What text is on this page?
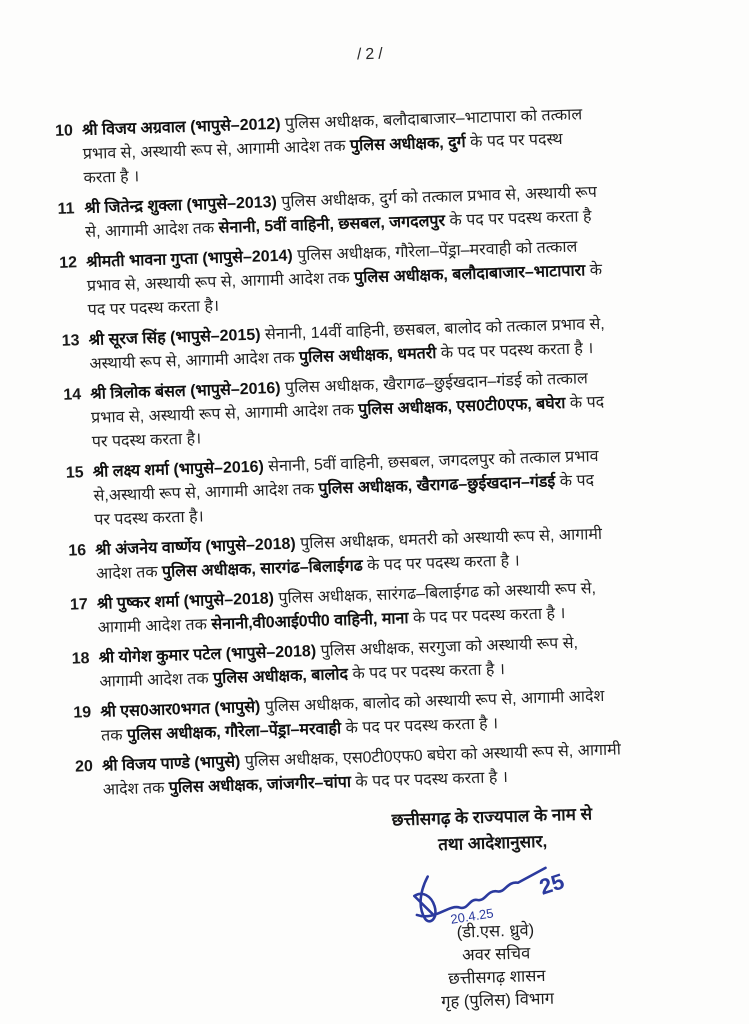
/2/
10 श्री विजय अग्रवाल (भापुसे–2012) पुलिस अधीक्षक, बलौदाबाजार–भाटापारा को तत्काल
प्रभाव से, अस्थायी रूप से, आगामी आदेश तक पुलिस अधीक्षक, दुर्ग के पद पर पदस्थ
करता है ।
11 श्री जितेन्द्र शुक्ला (भापुसे–2013) पुलिस अधीक्षक, दुर्ग को तत्काल प्रभाव से, अस्थायी रूप
से, आगामी आदेश तक सेनानी, 5वीं वाहिनी, छसबल, जगदलपुर के पद पर पदस्थ करता है
12 श्रीमती भावना गुप्ता (भापुसे–2014) पुलिस अधीक्षक, गौरेला–पेंड्रा–मरवाही को तत्काल
प्रभाव से, अस्थायी रूप से, आगामी आदेश तक पुलिस अधीक्षक, बलौदाबाजार–भाटापारा के
पद पर पदस्थ करता है।
13 श्री सूरज सिंह (भापुसे–2015) सेनानी, 14वीं वाहिनी, छसबल, बालोद को तत्काल प्रभाव से,
अस्थायी रूप से, आगामी आदेश तक पुलिस अधीक्षक, धमतरी के पद पर पदस्थ करता है ।
14 श्री त्रिलोक बंसल (भापुसे–2016) पुलिस अधीक्षक, खैरागढ–छुईखदान–गंडई को तत्काल
प्रभाव से, अस्थायी रूप से, आगामी आदेश तक पुलिस अधीक्षक, एस0टी0एफ, बघेरा के पद
पर पदस्थ करता है।
15 श्री लक्ष्य शर्मा (भापुसे–2016) सेनानी, 5वीं वाहिनी, छसबल, जगदलपुर को तत्काल प्रभाव
से,अस्थायी रूप से, आगामी आदेश तक पुलिस अधीक्षक, खैरागढ–छुईखदान–गंडई के पद
पर पदस्थ करता है।
16 श्री अंजनेय वार्ष्णेय (भापुसे–2018) पुलिस अधीक्षक, धमतरी को अस्थायी रूप से, आगामी
आदेश तक पुलिस अधीक्षक, सारगंढ–बिलाईगढ के पद पर पदस्थ करता है ।
17 श्री पुष्कर शर्मा (भापुसे–2018) पुलिस अधीक्षक, सारंगढ–बिलाईगढ को अस्थायी रूप से,
आगामी आदेश तक सेनानी,वी0आई0पी0 वाहिनी, माना के पद पर पदस्थ करता है ।
18 श्री योगेश कुमार पटेल (भापुसे–2018) पुलिस अधीक्षक, सरगुजा को अस्थायी रूप से,
आगामी आदेश तक पुलिस अधीक्षक, बालोद के पद पर पदस्थ करता है ।
19 श्री एस0आर0भगत (भापुसे) पुलिस अधीक्षक, बालोद को अस्थायी रूप से, आगामी आदेश
तक पुलिस अधीक्षक, गौरेला–पेंड्रा–मरवाही के पद पर पदस्थ करता है ।
20 श्री विजय पाण्डे (भापुसे) पुलिस अधीक्षक, एस0टी0एफ0 बघेरा को अस्थायी रूप से, आगामी
आदेश तक पुलिस अधीक्षक, जांजगीर–चांपा के पद पर पदस्थ करता है ।
छत्तीसगढ़ के राज्यपाल के नाम से
तथा आदेशानुसार,
25
20.4.25
(डी.एस. ध्रुवे)
अवर सचिव
छत्तीसगढ़ शासन
गृह (पुलिस) विभाग
